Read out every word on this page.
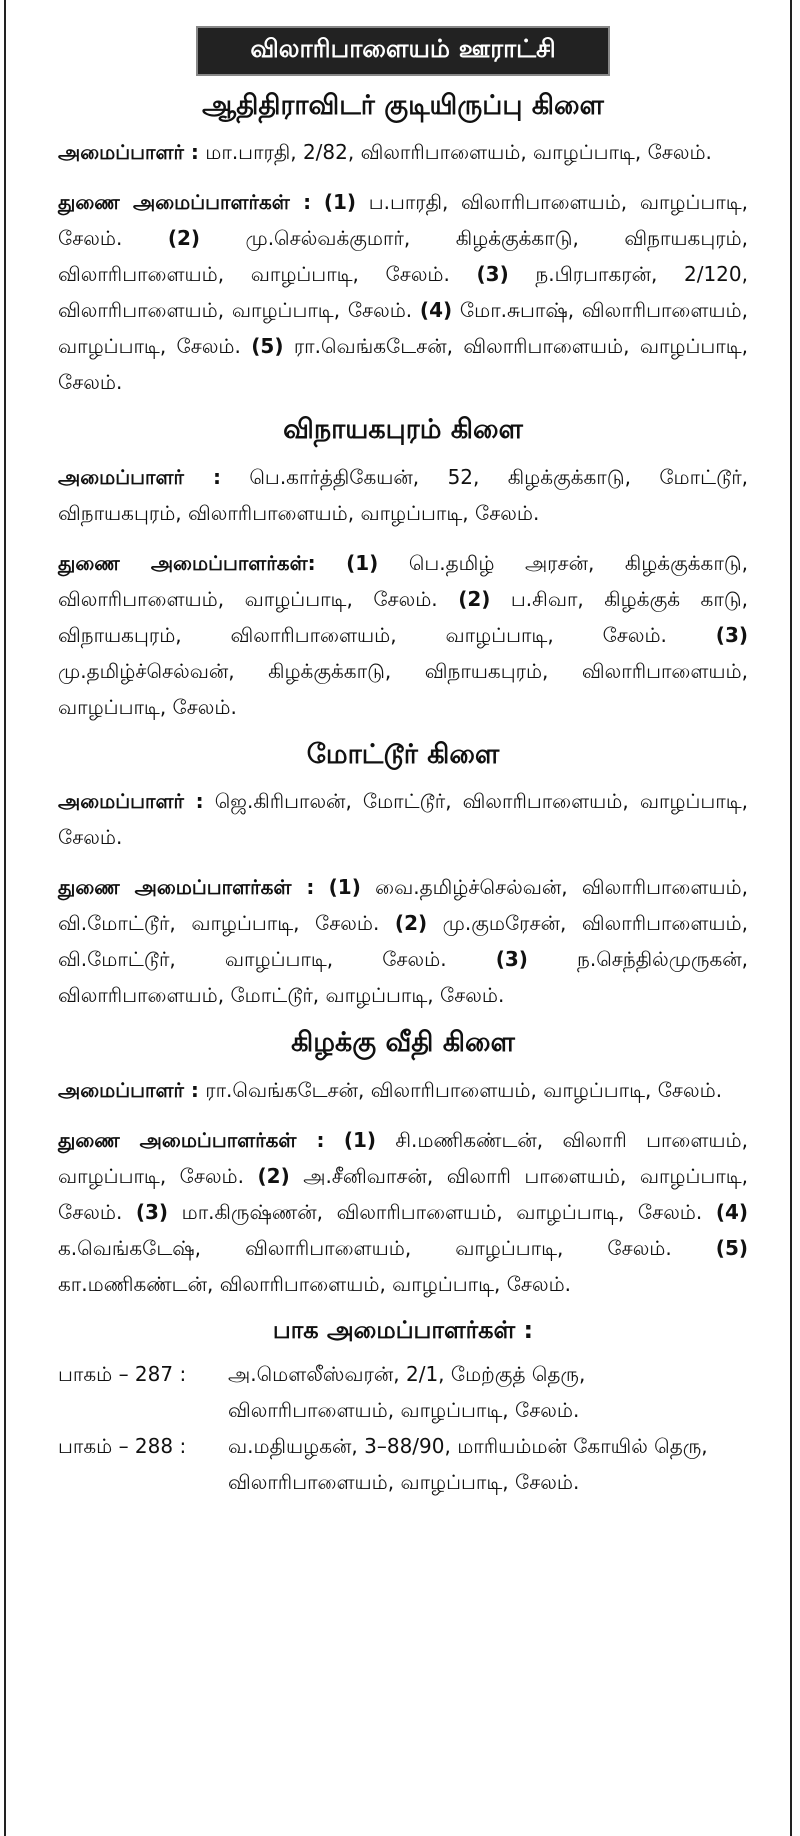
விலாரிபாளையம் ஊராட்சி
ஆதிதிராவிடர் குடியிருப்பு கிளை

அமைப்பாளர் : மா.பாரதி, 2/82, விலாரிபாளையம், வாழப்பாடி, சேலம்.

துணை அமைப்பாளர்கள் : (1) ப.பாரதி, விலாரிபாளையம், வாழப்பாடி, சேலம். (2) மு.செல்வக்குமார், கிழக்குக்காடு, விநாயகபுரம், விலாரிபாளையம், வாழப்பாடி, சேலம். (3) ந.பிரபாகரன், 2/120, விலாரிபாளையம், வாழப்பாடி, சேலம். (4) மோ.சுபாஷ், விலாரிபாளையம், வாழப்பாடி, சேலம். (5) ரா.வெங்கடேசன், விலாரிபாளையம், வாழப்பாடி, சேலம்.

விநாயகபுரம் கிளை

அமைப்பாளர் : பெ.கார்த்திகேயன், 52, கிழக்குக்காடு, மோட்டூர், விநாயகபுரம், விலாரிபாளையம், வாழப்பாடி, சேலம்.

துணை அமைப்பாளர்கள்: (1) பெ.தமிழ் அரசன், கிழக்குக்காடு, விலாரிபாளையம், வாழப்பாடி, சேலம். (2) ப.சிவா, கிழக்குக் காடு, விநாயகபுரம், விலாரிபாளையம், வாழப்பாடி, சேலம். (3) மு.தமிழ்ச்செல்வன், கிழக்குக்காடு, விநாயகபுரம், விலாரிபாளையம், வாழப்பாடி, சேலம்.

மோட்டூர் கிளை

அமைப்பாளர் : ஜெ.கிரிபாலன், மோட்டூர், விலாரிபாளையம், வாழப்பாடி, சேலம்.

துணை அமைப்பாளர்கள் : (1) வை.தமிழ்ச்செல்வன், விலாரிபாளையம், வி.மோட்டூர், வாழப்பாடி, சேலம். (2) மு.குமரேசன், விலாரிபாளையம், வி.மோட்டூர், வாழப்பாடி, சேலம். (3) ந.செந்தில்முருகன், விலாரிபாளையம், மோட்டூர், வாழப்பாடி, சேலம்.

கிழக்கு வீதி கிளை

அமைப்பாளர் : ரா.வெங்கடேசன், விலாரிபாளையம், வாழப்பாடி, சேலம்.

துணை அமைப்பாளர்கள் : (1) சி.மணிகண்டன், விலாரி பாளையம், வாழப்பாடி, சேலம். (2) அ.சீனிவாசன், விலாரி பாளையம், வாழப்பாடி, சேலம். (3) மா.கிருஷ்ணன், விலாரிபாளையம், வாழப்பாடி, சேலம். (4) க.வெங்கடேஷ், விலாரிபாளையம், வாழப்பாடி, சேலம். (5) கா.மணிகண்டன், விலாரிபாளையம், வாழப்பாடி, சேலம்.

பாக அமைப்பாளர்கள் :
பாகம் – 287 :	அ.மௌலீஸ்வரன், 2/1, மேற்குத் தெரு, விலாரிபாளையம், வாழப்பாடி, சேலம்.
பாகம் – 288 :	வ.மதியழகன், 3–88/90, மாரியம்மன் கோயில் தெரு, விலாரிபாளையம், வாழப்பாடி, சேலம்.
